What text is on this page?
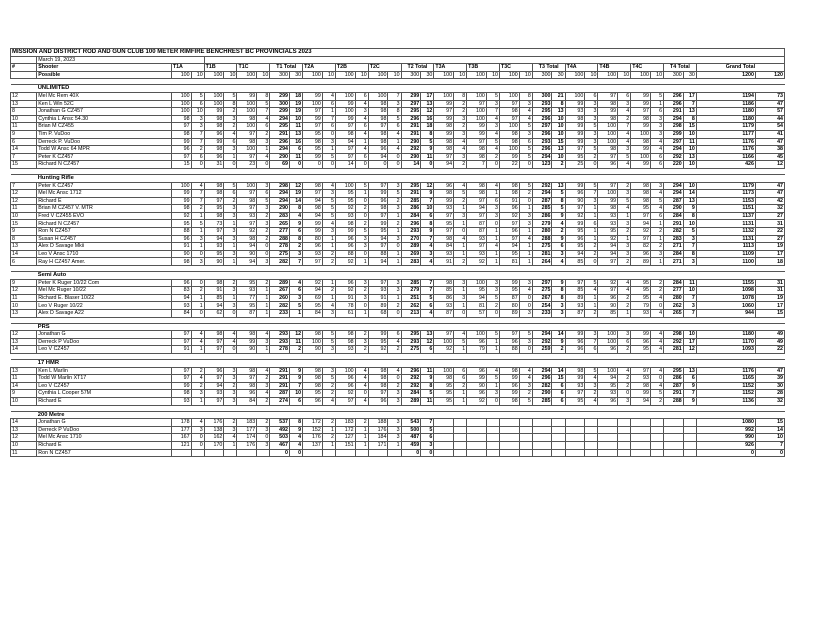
MISSION AND DISTRICT ROD AND GUN CLUB 100 METER RIMFIRE BENCHREST BC PROVINCIALS 2023																																			
	March 19, 2023																																		
#	Shooter	T1A		T1B		T1C		T1 Total		T2A		T2B		T2C		T2 Total		T3A		T3B		T3C		T3 Total		T4A		T4B		T4C		T4 Total		Grand Total	
	Possible	100	10	100	10	100	10	300	30	100	10	100	10	100	10	300	30	100	10	100	10	100	10	300	30	100	10	100	10	100	10	300	30	1200	120

	UNLIMITED																																		
12	Mel Mc Rem 40X	100	5	100	5	99	8	299	18	99	4	100	6	100	7	299	17	100	8	100	5	100	8	300	21	100	6	97	6	99	5	296	17	1194	73
13	Ken L Win 52C	100	6	100	8	100	5	300	19	100	6	99	4	98	3	297	13	99	2	97	3	97	3	293	8	99	3	98	3	99	1	296	7	1186	47
8	Jonathan G CZ457	100	10	99	2	100	7	299	19	97	1	100	3	98	8	295	12	97	2	100	7	98	4	295	13	93	3	99	4	97	6	291	13	1180	57
10	Cynthia L Ansc 54.30	98	3	98	3	98	4	294	10	99	7	99	4	98	5	296	16	99	3	100	4	97	4	296	10	98	3	98	2	98	3	294	8	1180	44
11	Brian M CZ455	97	3	98	2	100	6	295	11	97	6	97	6	97	6	291	18	98	2	99	3	100	5	297	10	99	5	100	7	99	3	298	15	1179	54
9	Tim P. VuDoo	98	7	96	4	97	2	291	13	95	0	98	4	98	4	291	8	99	3	99	4	98	3	296	10	99	3	100	4	100	3	299	10	1177	41
6	Derreck P. VuDoo	99	7	99	6	98	3	296	16	98	3	94	1	98	1	290	5	98	4	97	5	98	6	293	15	99	3	100	4	98	4	297	11	1176	47
14	Todd W Ansc 64 MPR	96	2	98	3	100	1	294	6	95	1	97	4	96	4	292	9	98	4	98	4	100	5	296	13	97	5	98	3	99	4	294	10	1176	38
7	Peter K CZ457	97	6	96	1	97	4	290	11	99	5	97	6	94	0	290	11	97	3	98	2	99	5	294	10	95	2	97	5	100	6	292	13	1166	45
15	Richard N CZ457	15	0	31	0	23	0	69	0	0	0	14	0	0	0	14	0	94	2	7	0	22	0	123	2	25	0	96	4	99	6	220	10	426	12

	Hunting Rifle																																		
7	Peter K CZ457	100	4	98	5	100	3	298	12	98	4	100	5	97	3	295	12	96	4	98	4	98	5	292	13	99	5	97	2	98	3	294	10	1179	47
12	Mel Mc Ansc 1712	99	7	98	6	97	6	294	19	97	3	95	1	99	5	291	9	98	5	98	1	98	2	294	5	96	7	100	3	98	4	294	14	1173	47
12	Richard E	99	7	97	2	98	5	294	14	94	5	95	0	96	2	285	7	99	2	97	6	91	0	287	8	90	3	99	5	98	5	287	13	1153	42
11	Brian M CZ457 V. MTR	98	2	95	3	97	3	290	8	98	5	92	2	98	3	286	10	93	1	94	3	96	1	285	5	97	1	98	4	95	4	290	9	1151	32
10	Fred V CZ455 EVO	92	1	98	3	93	2	283	4	94	5	93	0	97	1	284	6	97	3	97	3	92	3	286	9	92	1	93	1	97	6	284	8	1137	27
15	Richard N CZ457	95	5	73	1	97	3	265	9	99	4	98	2	99	2	296	8	95	1	87	0	97	3	279	4	99	6	93	3	94	1	291	10	1131	31
9	Ron N CZ457	88	1	97	3	92	2	277	6	99	3	99	5	95	1	293	9	97	0	87	1	96	1	280	2	95	1	95	2	92	2	282	5	1132	22
8	Susan H CZ457	96	3	94	3	98	2	288	8	80	1	96	3	94	3	270	7	98	4	93	1	97	4	288	9	96	1	92	1	97	1	283	3	1131	27
13	Alex D Savage Mkii	91	1	93	1	94	0	278	2	96	1	96	3	97	0	289	4	84	1	97	4	94	1	275	6	95	2	94	3	82	2	271	7	1113	19
14	Leo V Ansc 1710	90	0	95	3	90	0	275	3	93	2	88	0	88	1	269	3	93	1	93	1	95	1	281	3	94	2	94	3	96	3	284	8	1109	17
6	Ray H CZ457 Amer.	98	3	90	1	94	3	282	7	97	2	92	1	94	1	283	4	91	2	92	1	81	1	264	4	85	0	97	2	89	1	271	3	1100	18

	Semi Auto																																		
9	Peter K Ruger 10/22 Com	96	0	98	2	95	2	289	4	92	1	96	3	97	3	285	7	98	3	100	3	99	3	297	9	97	5	92	4	95	2	284	11	1155	31
12	Mel Mc Ruger 10/22	83	2	91	3	93	1	267	6	94	2	92	2	93	3	279	7	85	1	95	3	95	4	275	8	85	4	97	4	95	2	277	10	1098	31
11	Richard E. Blaser 10/22	94	1	85	1	77	1	260	3	69	1	91	3	91	1	251	5	86	3	94	5	87	0	267	8	89	1	96	2	95	4	280	7	1078	19
10	Leo V Ruger 10/22	93	1	94	3	95	1	282	5	95	4	78	0	89	2	262	6	93	1	81	2	80	0	254	3	93	1	90	2	79	0	262	3	1060	17
13	Alex D Savage A22	84	0	62	0	87	1	233	1	84	3	61	1	68	0	213	4	87	0	57	0	89	3	233	3	87	2	85	1	93	4	265	7	944	15

	PRS																																		
12	Jonathan G	97	4	98	4	98	4	293	12	98	5	98	2	99	6	295	13	97	4	100	5	97	5	294	14	99	3	100	3	99	4	298	10	1180	49
13	Derreck P VuDoo	97	4	97	4	99	3	293	11	100	5	98	3	95	4	293	12	100	5	96	1	96	3	292	9	96	7	100	6	96	4	292	17	1170	49
14	Leo V CZ457	91	1	97	0	90	1	278	2	90	3	93	2	92	2	275	6	92	1	79	1	88	0	259	2	96	6	96	2	95	4	281	12	1093	22

	17 HMR																																		
13	Ken L Marlin	97	2	96	3	98	4	291	9	98	3	100	4	98	4	296	11	100	6	96	4	98	4	294	14	98	5	100	4	97	4	295	13	1176	47
11	Todd W Marlin XT17	97	4	97	3	97	2	291	9	98	5	96	4	98	0	292	9	98	6	99	5	99	4	296	15	99	4	94	2	93	0	286	6	1165	39
14	Leo V CZ457	99	2	94	2	98	3	291	7	98	2	96	4	98	2	292	8	95	2	90	1	96	3	282	6	93	3	95	2	98	4	287	9	1152	30
9	Cynthia L Cooper 57M	98	3	93	3	96	4	287	10	95	2	92	0	97	3	284	5	95	1	96	3	99	2	290	6	97	2	93	0	99	5	291	7	1152	28
10	Richard E	93	1	97	3	84	2	274	6	96	4	97	4	96	3	289	11	95	1	92	0	98	5	285	6	95	4	96	3	94	2	288	9	1136	32

	200 Metre																																		
14	Jonathan G	178	4	176	2	183	2	537	8	172	2	183	2	188	3	543	7																	1080	15
13	Derreck P VuDoo	177	3	138	3	177	3	492	9	152	1	172	1	176	3	500	5																	992	14
12	Mel Mc Ansc 1710	167	0	162	4	174	0	503	4	176	2	127	1	184	3	487	6																	990	10
10	Richard E	121	0	170	1	176	3	467	4	137	1	151	1	171	1	459	3																	926	7
11	Ron N CZ457							0	0							0	0																	0	0
